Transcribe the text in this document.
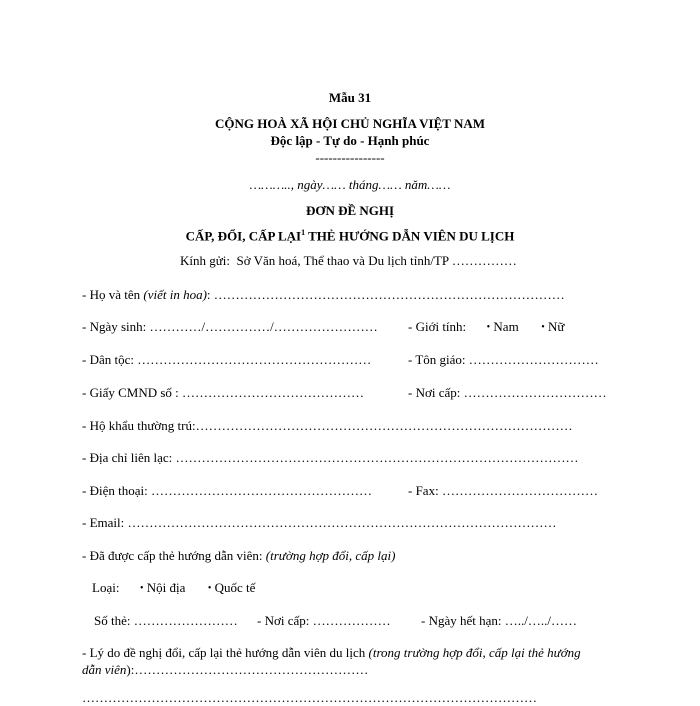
Mẫu 31
CỘNG HOÀ XÃ HỘI CHỦ NGHĨA VIỆT NAM
Độc lập - Tự do - Hạnh phúc
----------------
……….., ngày…… tháng…… năm……
ĐƠN ĐỀ NGHỊ
CẤP, ĐỔI, CẤP LẠI$^1$ THẺ HƯỚNG DẪN VIÊN DU LỊCH
Kính gửi: Sở Văn hoá, Thể thao và Du lịch tỉnh/TP ……………
- Họ và tên (viết in hoa): ………………………………………………………………………
- Ngày sinh: …………/……………/…………………… - Giới tính: • Nam • Nữ
- Dân tộc: ………………………………………………	- Tôn giáo: …………………………
- Giấy CMND số : ……………………………………	- Nơi cấp: ……………………………
- Hộ khẩu thường trú:……………………………………………………………………………
- Địa chỉ liên lạc: …………………………………………………………………………………
- Điện thoại: ……………………………………………	- Fax: ………………………………
- Email: ………………………………………………………………………………………
- Đã được cấp thẻ hướng dẫn viên: (trường hợp đổi, cấp lại)
Loại: • Nội địa • Quốc tế
Số thẻ: …………………… - Nơi cấp: ……………… - Ngày hết hạn: …../…../……
- Lý do đề nghị đổi, cấp lại thẻ hướng dẫn viên du lịch (trong trường hợp đổi, cấp lại thẻ hướng
dẫn viên):………………………………………………
……………………………………………………………………………………………
